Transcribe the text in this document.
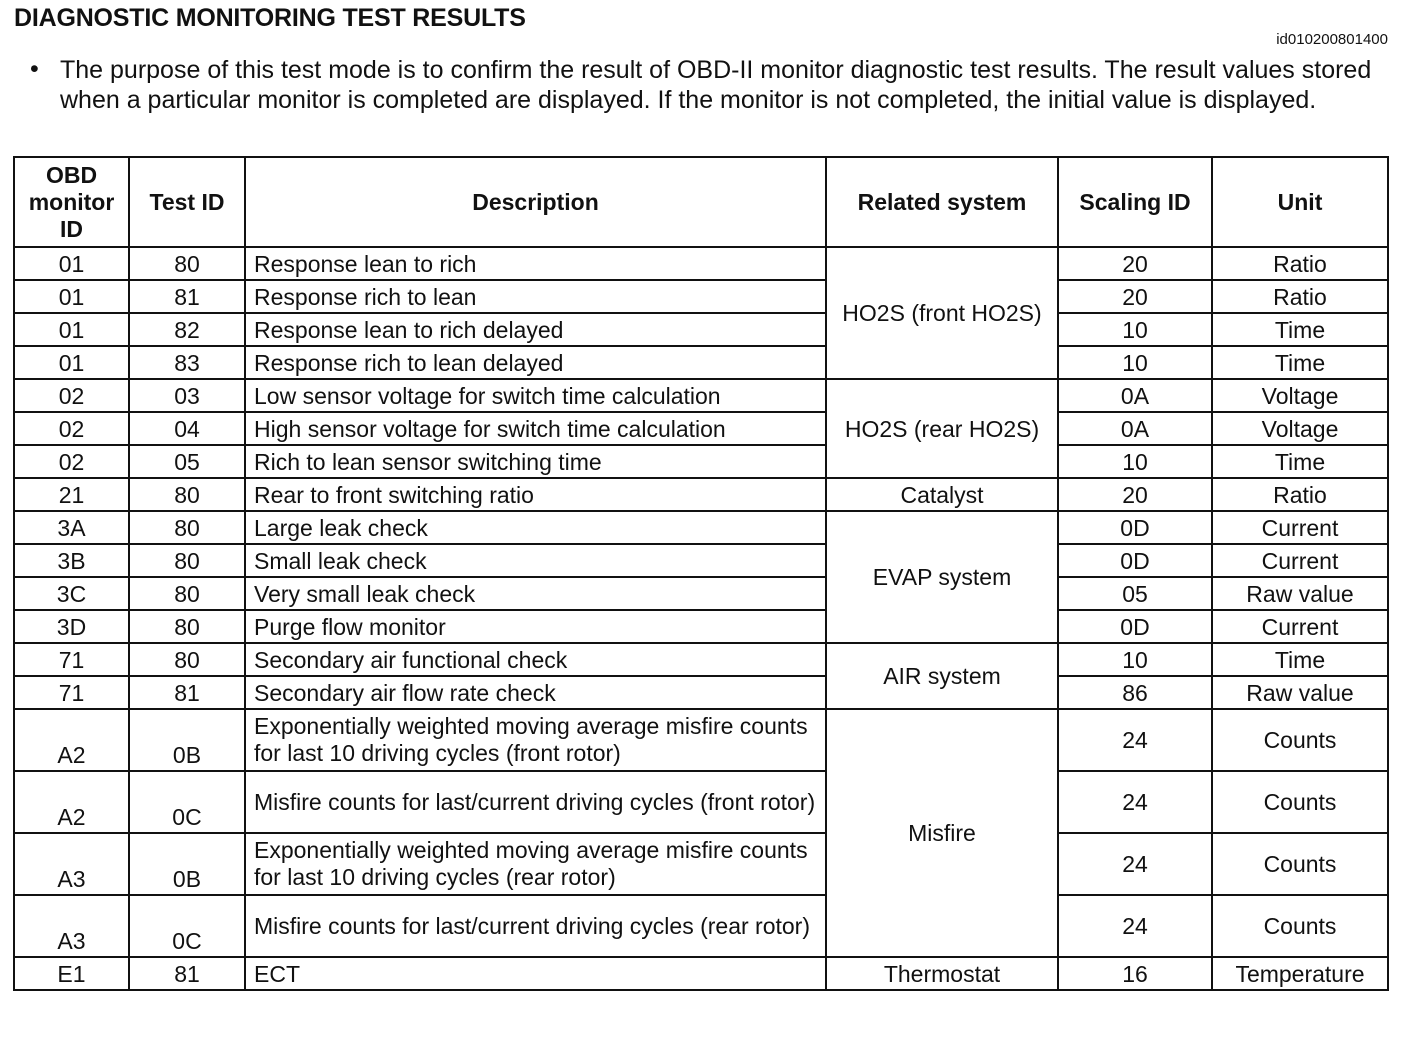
DIAGNOSTIC MONITORING TEST RESULTS
id010200801400
• The purpose of this test mode is to confirm the result of OBD-II monitor diagnostic test results. The result values stored when a particular monitor is completed are displayed. If the monitor is not completed, the initial value is displayed.
OBD monitor ID	Test ID	Description	Related system	Scaling ID	Unit
01	80	Response lean to rich	HO2S (front HO2S)	20	Ratio
01	81	Response rich to lean		20	Ratio
01	82	Response lean to rich delayed		10	Time
01	83	Response rich to lean delayed		10	Time
02	03	Low sensor voltage for switch time calculation	HO2S (rear HO2S)	0A	Voltage
02	04	High sensor voltage for switch time calculation		0A	Voltage
02	05	Rich to lean sensor switching time		10	Time
21	80	Rear to front switching ratio	Catalyst	20	Ratio
3A	80	Large leak check	EVAP system	0D	Current
3B	80	Small leak check		0D	Current
3C	80	Very small leak check		05	Raw value
3D	80	Purge flow monitor		0D	Current
71	80	Secondary air functional check	AIR system	10	Time
71	81	Secondary air flow rate check		86	Raw value
A2	0B	Exponentially weighted moving average misfire counts for last 10 driving cycles (front rotor)	Misfire	24	Counts
A2	0C	Misfire counts for last/current driving cycles (front rotor)		24	Counts
A3	0B	Exponentially weighted moving average misfire counts for last 10 driving cycles (rear rotor)		24	Counts
A3	0C	Misfire counts for last/current driving cycles (rear rotor)		24	Counts
E1	81	ECT	Thermostat	16	Temperature
